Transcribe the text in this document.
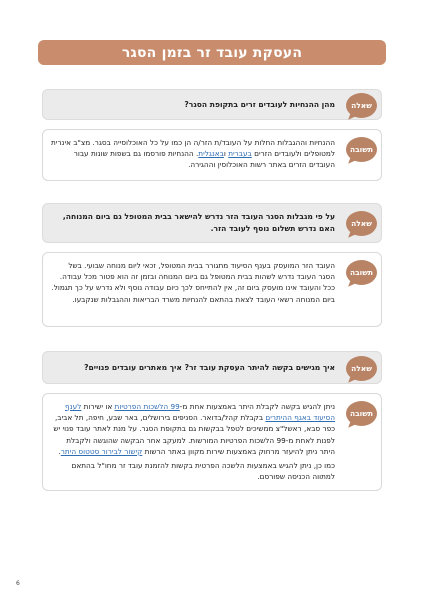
העסקת עובד זר בזמן הסגר
שאלה
מהן ההנחיות לעובדים זרים בתקופת הסגר?
תשובה
ההנחיות וההגבלות החלות על העובד/ת הזר/ה הן כמו על כל האוכלוסייה בסגר. מצ"ב אינרית למטופלים ולעובדים הזרים בעברית ובאנגלית. ההנחיות פורסמו גם בשפות שונות עבור העובדים הזרים באתר רשות האוכלוסין וההגירה.
שאלה
על פי מגבלות הסגר העובד הזר נדרש להישאר בבית המטופל גם ביום המנוחה, האם נדרש תשלום נוסף לעובד הזר.
תשובה
העובד הזר המועסק בענף הסיעוד מתגורר בבית המטופל, זכאי ליום מנוחה שבועי. בשל הסגר העובד נדרש לשהות בבית המטופל גם ביום המנוחה ובזמן זה הוא פטור מכל עבודה. ככל והעובד אינו מועסק ביום זה, אין להתייחס לכך כיום עבודה נוסף ולא נדרש על כך תגמול. ביום המנוחה רשאי העובד לצאת בהתאם להנחיות משרד הבריאות וההגבלות שנקבעו.
שאלה
איך מגישים בקשה להיתר העסקת עובד זר? איך מאתרים עובדים פנויים?
תשובה

ניתן להגיש בקשה לקבלת היתר באמצעות אחת מ-99 הלשכות הפרטיות או ישירות לענף הסיעוד באגף ההיתרים בקבלת קהל/בדואר. הסניפים בירושלים, באר שבע, חיפה, תל אביב, כפר סבא, ראשל"צ ממשיכים לטפל בבקשות גם בתקופת הסגר. על מנת לאתר עובד פנוי יש לפנות לאחת מ-99 הלשכות הפרטיות המורשות. למעקב אחר הבקשה שהוגשה ולקבלת היתר ניתן להיעזר מרחוק באמצעות שירות מקוון באתר הרשות קישור לבירור סטטוס היתר.

כמו כן, ניתן להגיש באמצעות הלשכה הפרטית בקשות להזמנת עובד זר מחו"ל בהתאם למתווה הכניסה שפורסם.

6
